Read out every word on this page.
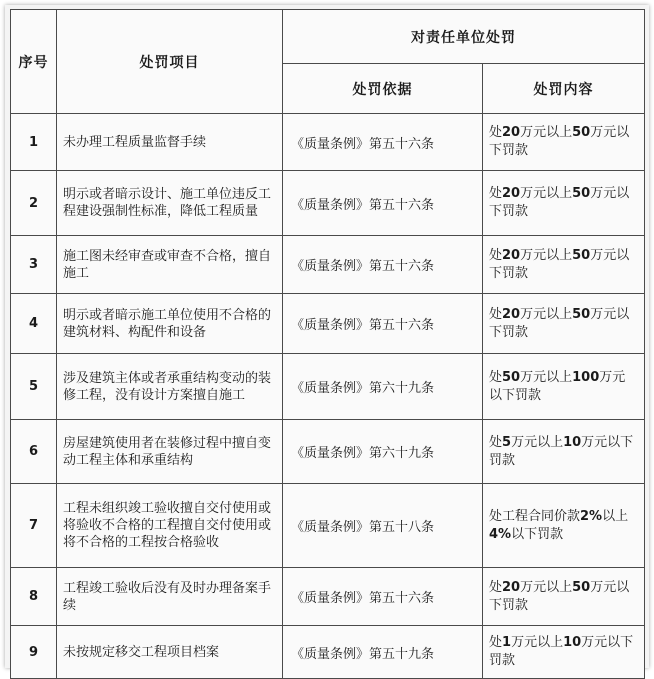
序号	处罚项目	对责任单位处罚	
		处罚依据	处罚内容
1	未办理工程质量监督手续	《质量条例》第五十六条	处20万元以上50万元以下罚款
2	明示或者暗示设计、施工单位违反工程建设强制性标准，降低工程质量	《质量条例》第五十六条	处20万元以上50万元以下罚款
3	施工图未经审查或审查不合格，擅自施工	《质量条例》第五十六条	处20万元以上50万元以下罚款
4	明示或者暗示施工单位使用不合格的建筑材料、构配件和设备	《质量条例》第五十六条	处20万元以上50万元以下罚款
5	涉及建筑主体或者承重结构变动的装修工程，没有设计方案擅自施工	《质量条例》第六十九条	处50万元以上100万元以下罚款
6	房屋建筑使用者在装修过程中擅自变动工程主体和承重结构	《质量条例》第六十九条	处5万元以上10万元以下罚款
7	工程未组织竣工验收擅自交付使用或将验收不合格的工程擅自交付使用或将不合格的工程按合格验收	《质量条例》第五十八条	处工程合同价款2%以上4%以下罚款
8	工程竣工验收后没有及时办理备案手续	《质量条例》第五十六条	处20万元以上50万元以下罚款
9	未按规定移交工程项目档案	《质量条例》第五十九条	处1万元以上10万元以下罚款
